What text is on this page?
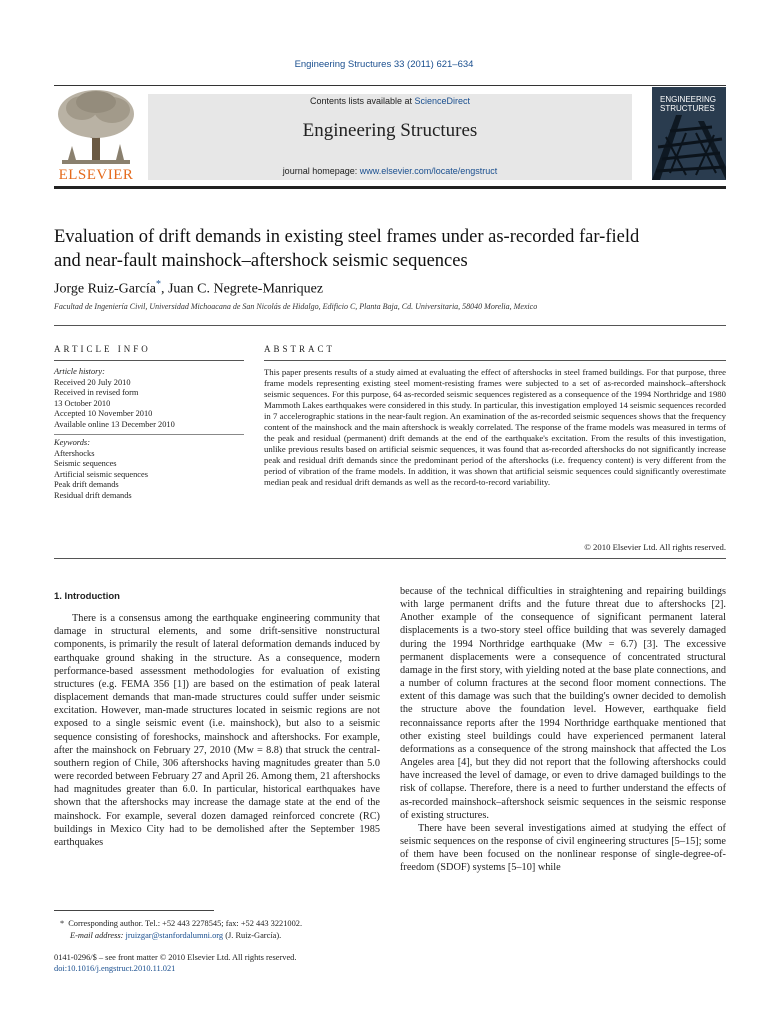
Engineering Structures 33 (2011) 621–634
ELSEVIER
Contents lists available at ScienceDirect
Engineering Structures
journal homepage: www.elsevier.com/locate/engstruct
ENGINEERING
STRUCTURES
Evaluation of drift demands in existing steel frames under as-recorded far-field
and near-fault mainshock–aftershock seismic sequences
Jorge Ruiz-García*, Juan C. Negrete-Manriquez
Facultad de Ingeniería Civil, Universidad Michoacana de San Nicolás de Hidalgo, Edificio C, Planta Baja, Cd. Universitaria, 58040 Morelia, Mexico
ARTICLE INFO
Article history:
Received 20 July 2010
Received in revised form
13 October 2010
Accepted 10 November 2010
Available online 13 December 2010
Keywords:
Aftershocks
Seismic sequences
Artificial seismic sequences
Peak drift demands
Residual drift demands
ABSTRACT
This paper presents results of a study aimed at evaluating the effect of aftershocks in steel framed buildings. For that purpose, three frame models representing existing steel moment-resisting frames were subjected to a set of as-recorded mainshock–aftershock seismic sequences. For this purpose, 64 as-recorded seismic sequences registered as a consequence of the 1994 Northridge and 1980 Mammoth Lakes earthquakes were considered in this study. In particular, this investigation employed 14 seismic sequences recorded in 7 accelerographic stations in the near-fault region. An examination of the as-recorded seismic sequences shows that the frequency content of the mainshock and the main aftershock is weakly correlated. The response of the frame models was measured in terms of the peak and residual (permanent) drift demands at the end of the earthquake's excitation. From the results of this investigation, unlike previous results based on artificial seismic sequences, it was found that as-recorded aftershocks do not significantly increase peak and residual drift demands since the predominant period of the aftershocks (i.e. frequency content) is very different from the period of vibration of the frame models. In addition, it was shown that artificial seismic sequences could significantly overestimate median peak and residual drift demands as well as the record-to-record variability.
© 2010 Elsevier Ltd. All rights reserved.
1. Introduction

There is a consensus among the earthquake engineering community that damage in structural elements, and some drift-sensitive nonstructural components, is primarily the result of lateral deformation demands induced by earthquake ground shaking in the structure. As a consequence, modern performance-based assessment methodologies for evaluation of existing structures (e.g. FEMA 356 [1]) are based on the estimation of peak lateral displacement demands that man-made structures could suffer under seismic excitation. However, man-made structures located in seismic regions are not exposed to a single seismic event (i.e. mainshock), but also to a seismic sequence consisting of foreshocks, mainshock and aftershocks. For example, after the mainshock on February 27, 2010 (Mw = 8.8) that struck the central-southern region of Chile, 306 aftershocks having magnitudes greater than 5.0 were recorded between February 27 and April 26. Among them, 21 aftershocks had magnitudes greater than 6.0. In particular, historical earthquakes have shown that the aftershocks may increase the damage state at the end of the mainshock. For example, several dozen damaged reinforced concrete (RC) buildings in Mexico City had to be demolished after the September 1985 earthquakes

because of the technical difficulties in straightening and repairing buildings with large permanent drifts and the future threat due to aftershocks [2]. Another example of the consequence of significant permanent lateral displacements is a two-story steel office building that was severely damaged during the 1994 Northridge earthquake (Mw = 6.7) [3]. The excessive permanent displacements were a consequence of concentrated structural damage in the first story, with yielding noted at the base plate connections, and a number of column fractures at the second floor moment connections. The extent of this damage was such that the building's owner decided to demolish the structure above the foundation level. However, earthquake field reconnaissance reports after the 1994 Northridge earthquake mentioned that other existing steel buildings could have experienced permanent lateral deformations as a consequence of the strong mainshock that affected the Los Angeles area [4], but they did not report that the following aftershocks could have increased the level of damage, or even to drive damaged buildings to the risk of collapse. Therefore, there is a need to further understand the effects of as-recorded mainshock–aftershock seismic sequences in the seismic response of existing structures.

There have been several investigations aimed at studying the effect of seismic sequences on the response of civil engineering structures [5–15]; some of them have been focused on the nonlinear response of single-degree-of-freedom (SDOF) systems [5–10] while

* Corresponding author. Tel.: +52 443 2278545; fax: +52 443 3221002.
E-mail address: jruizgar@stanfordalumni.org (J. Ruiz-García).
0141-0296/$ – see front matter © 2010 Elsevier Ltd. All rights reserved.
doi:10.1016/j.engstruct.2010.11.021
